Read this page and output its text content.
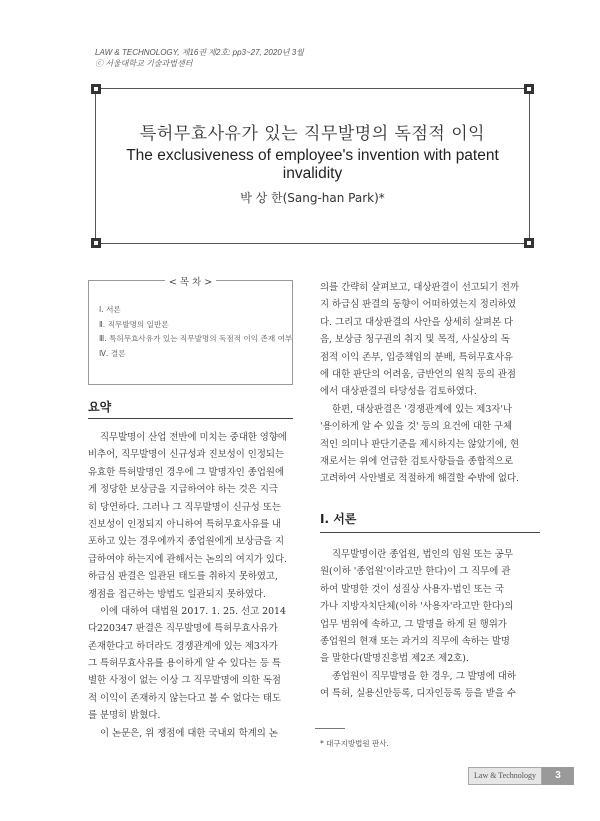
LAW & TECHNOLOGY, 제16권 제2호: pp3~27, 2020년 3월
ⓒ 서울대학교 기술과법센터
특허무효사유가 있는 직무발명의 독점적 이익
The exclusiveness of employee's invention with patent invalidity
박 상 한(Sang-han Park)*
< 목 차 >
Ⅰ. 서론
Ⅱ. 직무발명의 일반론
Ⅲ. 특허무효사유가 있는 직무발명의 독점적 이익 존재 여부
Ⅳ. 결론
요약
직무발명이 산업 전반에 미치는 중대한 영향에
비추어, 직무발명이 신규성과 진보성이 인정되는
유효한 특허발명인 경우에 그 발명자인 종업원에
게 정당한 보상금을 지급하여야 하는 것은 지극
히 당연하다. 그러나 그 직무발명이 신규성 또는
진보성이 인정되지 아니하여 특허무효사유를 내
포하고 있는 경우에까지 종업원에게 보상금을 지
급하여야 하는지에 관해서는 논의의 여지가 있다.
하급심 판결은 일관된 태도를 취하지 못하였고,
쟁점을 접근하는 방법도 일관되지 못하였다.
이에 대하여 대법원 2017. 1. 25. 선고 2014
다220347 판결은 직무발명에 특허무효사유가
존재한다고 하더라도 경쟁관계에 있는 제3자가
그 특허무효사유를 용이하게 알 수 있다는 등 특
별한 사정이 없는 이상 그 직무발명에 의한 독점
적 이익이 존재하지 않는다고 볼 수 없다는 태도
를 분명히 밝혔다.
이 논문은, 위 쟁점에 대한 국내외 학계의 논
의를 간략히 살펴보고, 대상판결이 선고되기 전까
지 하급심 판결의 동향이 어떠하였는지 정리하였
다. 그리고 대상판결의 사안을 상세히 살펴본 다
음, 보상금 청구권의 취지 및 목적, 사실상의 독
점적 이익 존부, 입증책임의 분배, 특허무효사유
에 대한 판단의 어려움, 금반언의 원칙 등의 관점
에서 대상판결의 타당성을 검토하였다.
한편, 대상판결은 '경쟁관계에 있는 제3자'나
'용이하게 알 수 있을 것' 등의 요건에 대한 구체
적인 의미나 판단기준을 제시하지는 않았기에, 현
재로서는 위에 언급한 검토사항들을 종합적으로
고려하여 사안별로 적절하게 해결할 수밖에 없다.
Ⅰ. 서론
직무발명이란 종업원, 법인의 임원 또는 공무
원(이하 '종업원'이라고만 한다)이 그 직무에 관
하여 발명한 것이 성질상 사용자·법인 또는 국
가나 지방자치단체(이하 '사용자'라고만 한다)의
업무 범위에 속하고, 그 발명을 하게 된 행위가
종업원의 현재 또는 과거의 직무에 속하는 발명
을 말한다(발명진흥법 제2조 제2호).
종업원이 직무발명을 한 경우, 그 발명에 대하
여 특허, 실용신안등록, 디자인등록 등을 받을 수
* 대구지방법원 판사.
Law & Technology	3
